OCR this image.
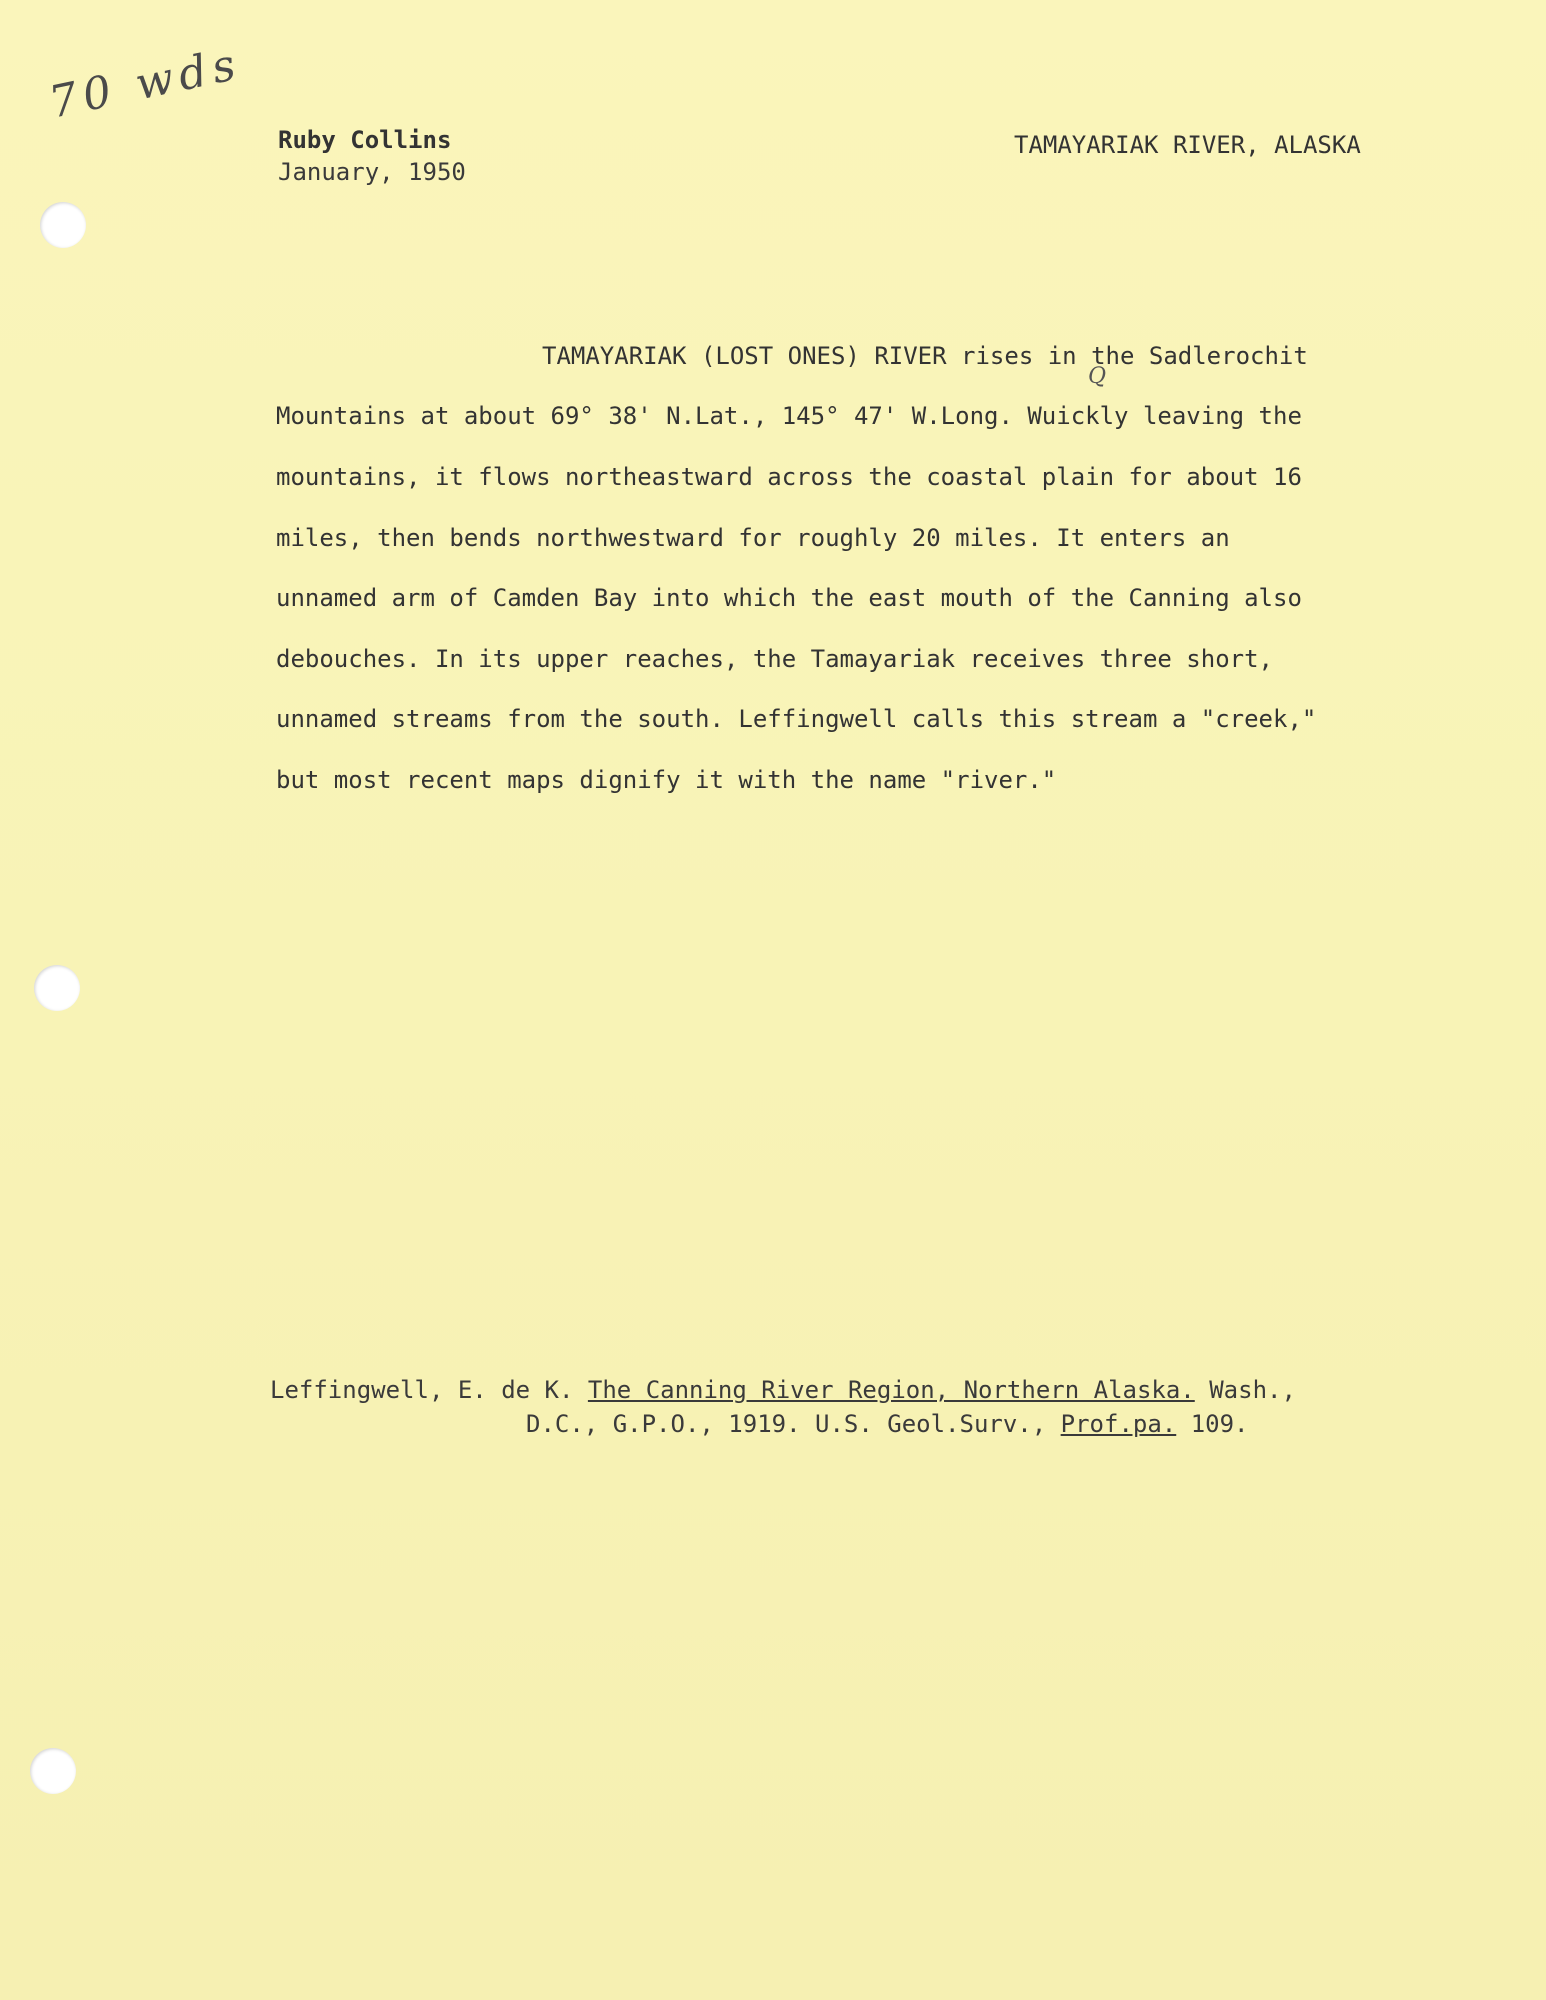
70 wds
Ruby Collins
January, 1950
TAMAYARIAK RIVER, ALASKA
Q
TAMAYARIAK (LOST ONES) RIVER rises in the Sadlerochit
Mountains at about 69° 38' N.Lat., 145° 47' W.Long. Wuickly leaving the
mountains, it flows northeastward across the coastal plain for about 16
miles, then bends northwestward for roughly 20 miles. It enters an
unnamed arm of Camden Bay into which the east mouth of the Canning also
debouches. In its upper reaches, the Tamayariak receives three short,
unnamed streams from the south. Leffingwell calls this stream a "creek,"
but most recent maps dignify it with the name "river."
Leffingwell, E. de K. The Canning River Region, Northern Alaska. Wash.,
D.C., G.P.O., 1919. U.S. Geol.Surv., Prof.pa. 109.
